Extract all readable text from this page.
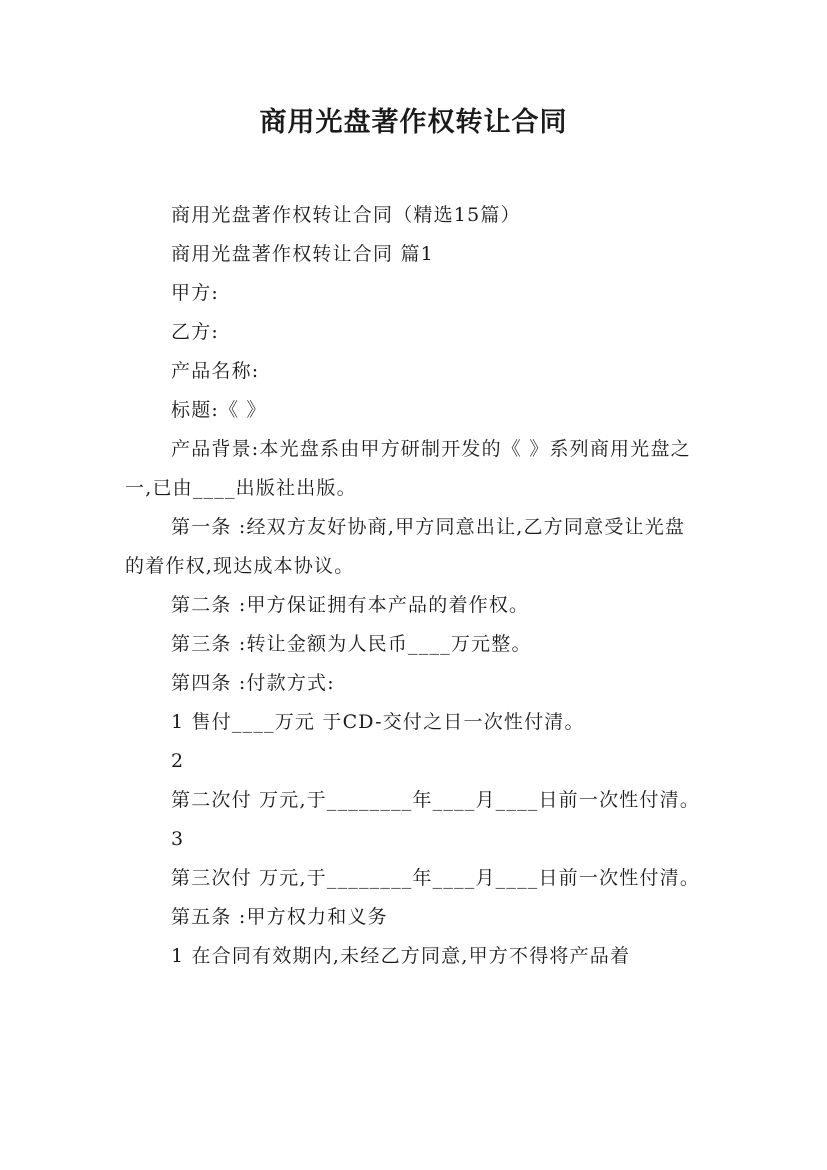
商用光盘著作权转让合同

商用光盘著作权转让合同（精选15篇）

商用光盘著作权转让合同 篇1

甲方:

乙方:

产品名称:

标题:《 》

产品背景:本光盘系由甲方研制开发的《 》系列商用光盘之一,已由____出版社出版。

第一条 :经双方友好协商,甲方同意出让,乙方同意受让光盘的着作权,现达成本协议。

第二条 :甲方保证拥有本产品的着作权。

第三条 :转让金额为人民币____万元整。

第四条 :付款方式:

1 售付____万元 于CD-交付之日一次性付清。

2

第二次付 万元,于________年____月____日前一次性付清。

3

第三次付 万元,于________年____月____日前一次性付清。

第五条 :甲方权力和义务

1 在合同有效期内,未经乙方同意,甲方不得将产品着
